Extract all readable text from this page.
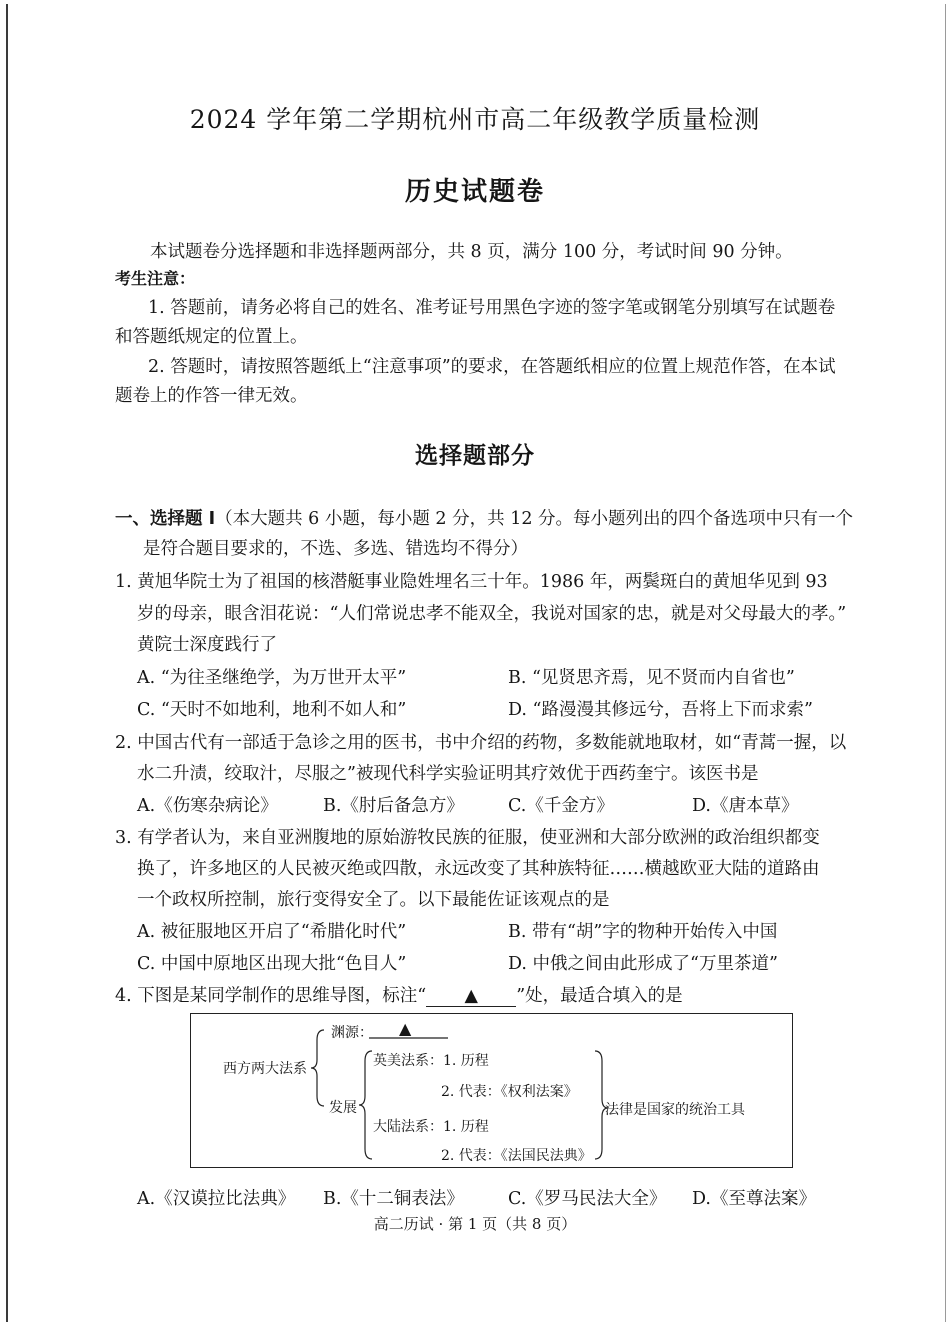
2024 学年第二学期杭州市高二年级教学质量检测
历史试题卷
本试题卷分选择题和非选择题两部分，共 8 页，满分 100 分，考试时间 90 分钟。
考生注意：
1. 答题前，请务必将自己的姓名、准考证号用黑色字迹的签字笔或钢笔分别填写在试题卷
和答题纸规定的位置上。
2. 答题时，请按照答题纸上“注意事项”的要求，在答题纸相应的位置上规范作答，在本试
题卷上的作答一律无效。
选择题部分
一、选择题 Ⅰ（本大题共 6 小题，每小题 2 分，共 12 分。每小题列出的四个备选项中只有一个
是符合题目要求的，不选、多选、错选均不得分）
1. 黄旭华院士为了祖国的核潜艇事业隐姓埋名三十年。1986 年，两鬓斑白的黄旭华见到 93
岁的母亲，眼含泪花说：“人们常说忠孝不能双全，我说对国家的忠，就是对父母最大的孝。”
黄院士深度践行了
A. “为往圣继绝学，为万世开太平”	B. “见贤思齐焉，见不贤而内自省也”
C. “天时不如地利，地利不如人和”	D. “路漫漫其修远兮，吾将上下而求索”
2. 中国古代有一部适于急诊之用的医书，书中介绍的药物，多数能就地取材，如“青蒿一握，以
水二升渍，绞取汁，尽服之”被现代科学实验证明其疗效优于西药奎宁。该医书是
A.《伤寒杂病论》	B.《肘后备急方》	C.《千金方》	D.《唐本草》
3. 有学者认为，来自亚洲腹地的原始游牧民族的征服，使亚洲和大部分欧洲的政治组织都变
换了，许多地区的人民被灭绝或四散，永远改变了其种族特征……横越欧亚大陆的道路由
一个政权所控制，旅行变得安全了。以下最能佐证该观点的是
A. 被征服地区开启了“希腊化时代”	B. 带有“胡”字的物种开始传入中国
C. 中国中原地区出现大批“色目人”	D. 中俄之间由此形成了“万里茶道”
4. 下图是某同学制作的思维导图，标注“ ▲ ”处，最适合填入的是
西方两大法系
渊源： ▲
发展
英美法系：1. 历程
2. 代表：《权利法案》
大陆法系：1. 历程
2. 代表：《法国民法典》
法律是国家的统治工具
A.《汉谟拉比法典》 B.《十二铜表法》	C.《罗马民法大全》 D.《至尊法案》
高二历试 · 第 1 页（共 8 页）
